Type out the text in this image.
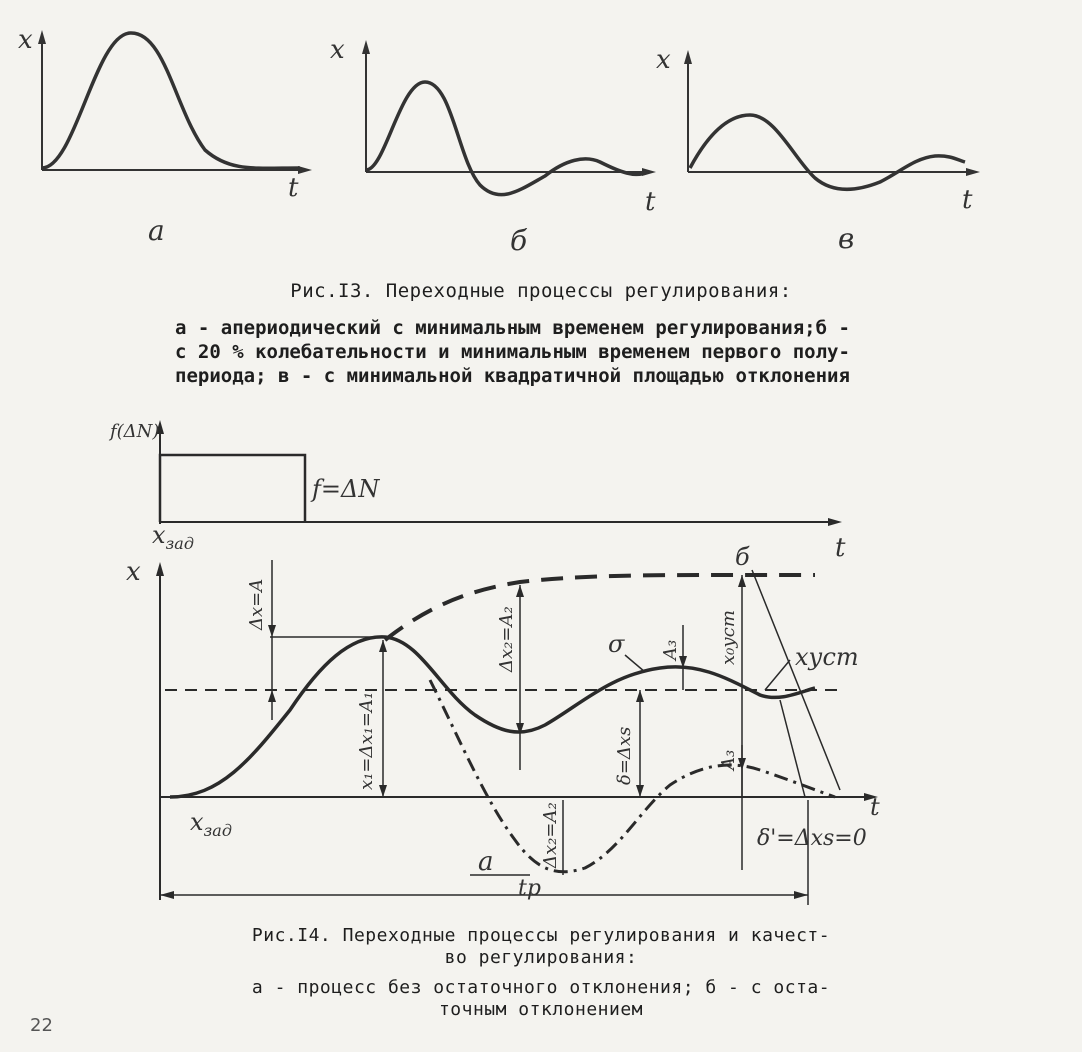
x
t
а
x
t
б
x
t
в
Рис.I3. Переходные процессы регулирования:
а - апериодический с минимальным временем регулирования;б -
с 20 % колебательности и минимальным временем первого полу-
периода; в - с минимальной квадратичной площадью отклонения
f(ΔN)
f=ΔN
$x_{зад}$	t
x
Δx=A
x₁=Δx₁=A₁
Δx₂=A₂
δ=Δxs
A₃ x₀уст
A₃
Δx₂=A₂
σ	xуст
б
a
tр
$x_{зад}$
t
δ'=Δxs=0
Рис.I4. Переходные процессы регулирования и качест-
во регулирования:
а - процесс без остаточного отклонения; б - с оста-
точным отклонением
22
